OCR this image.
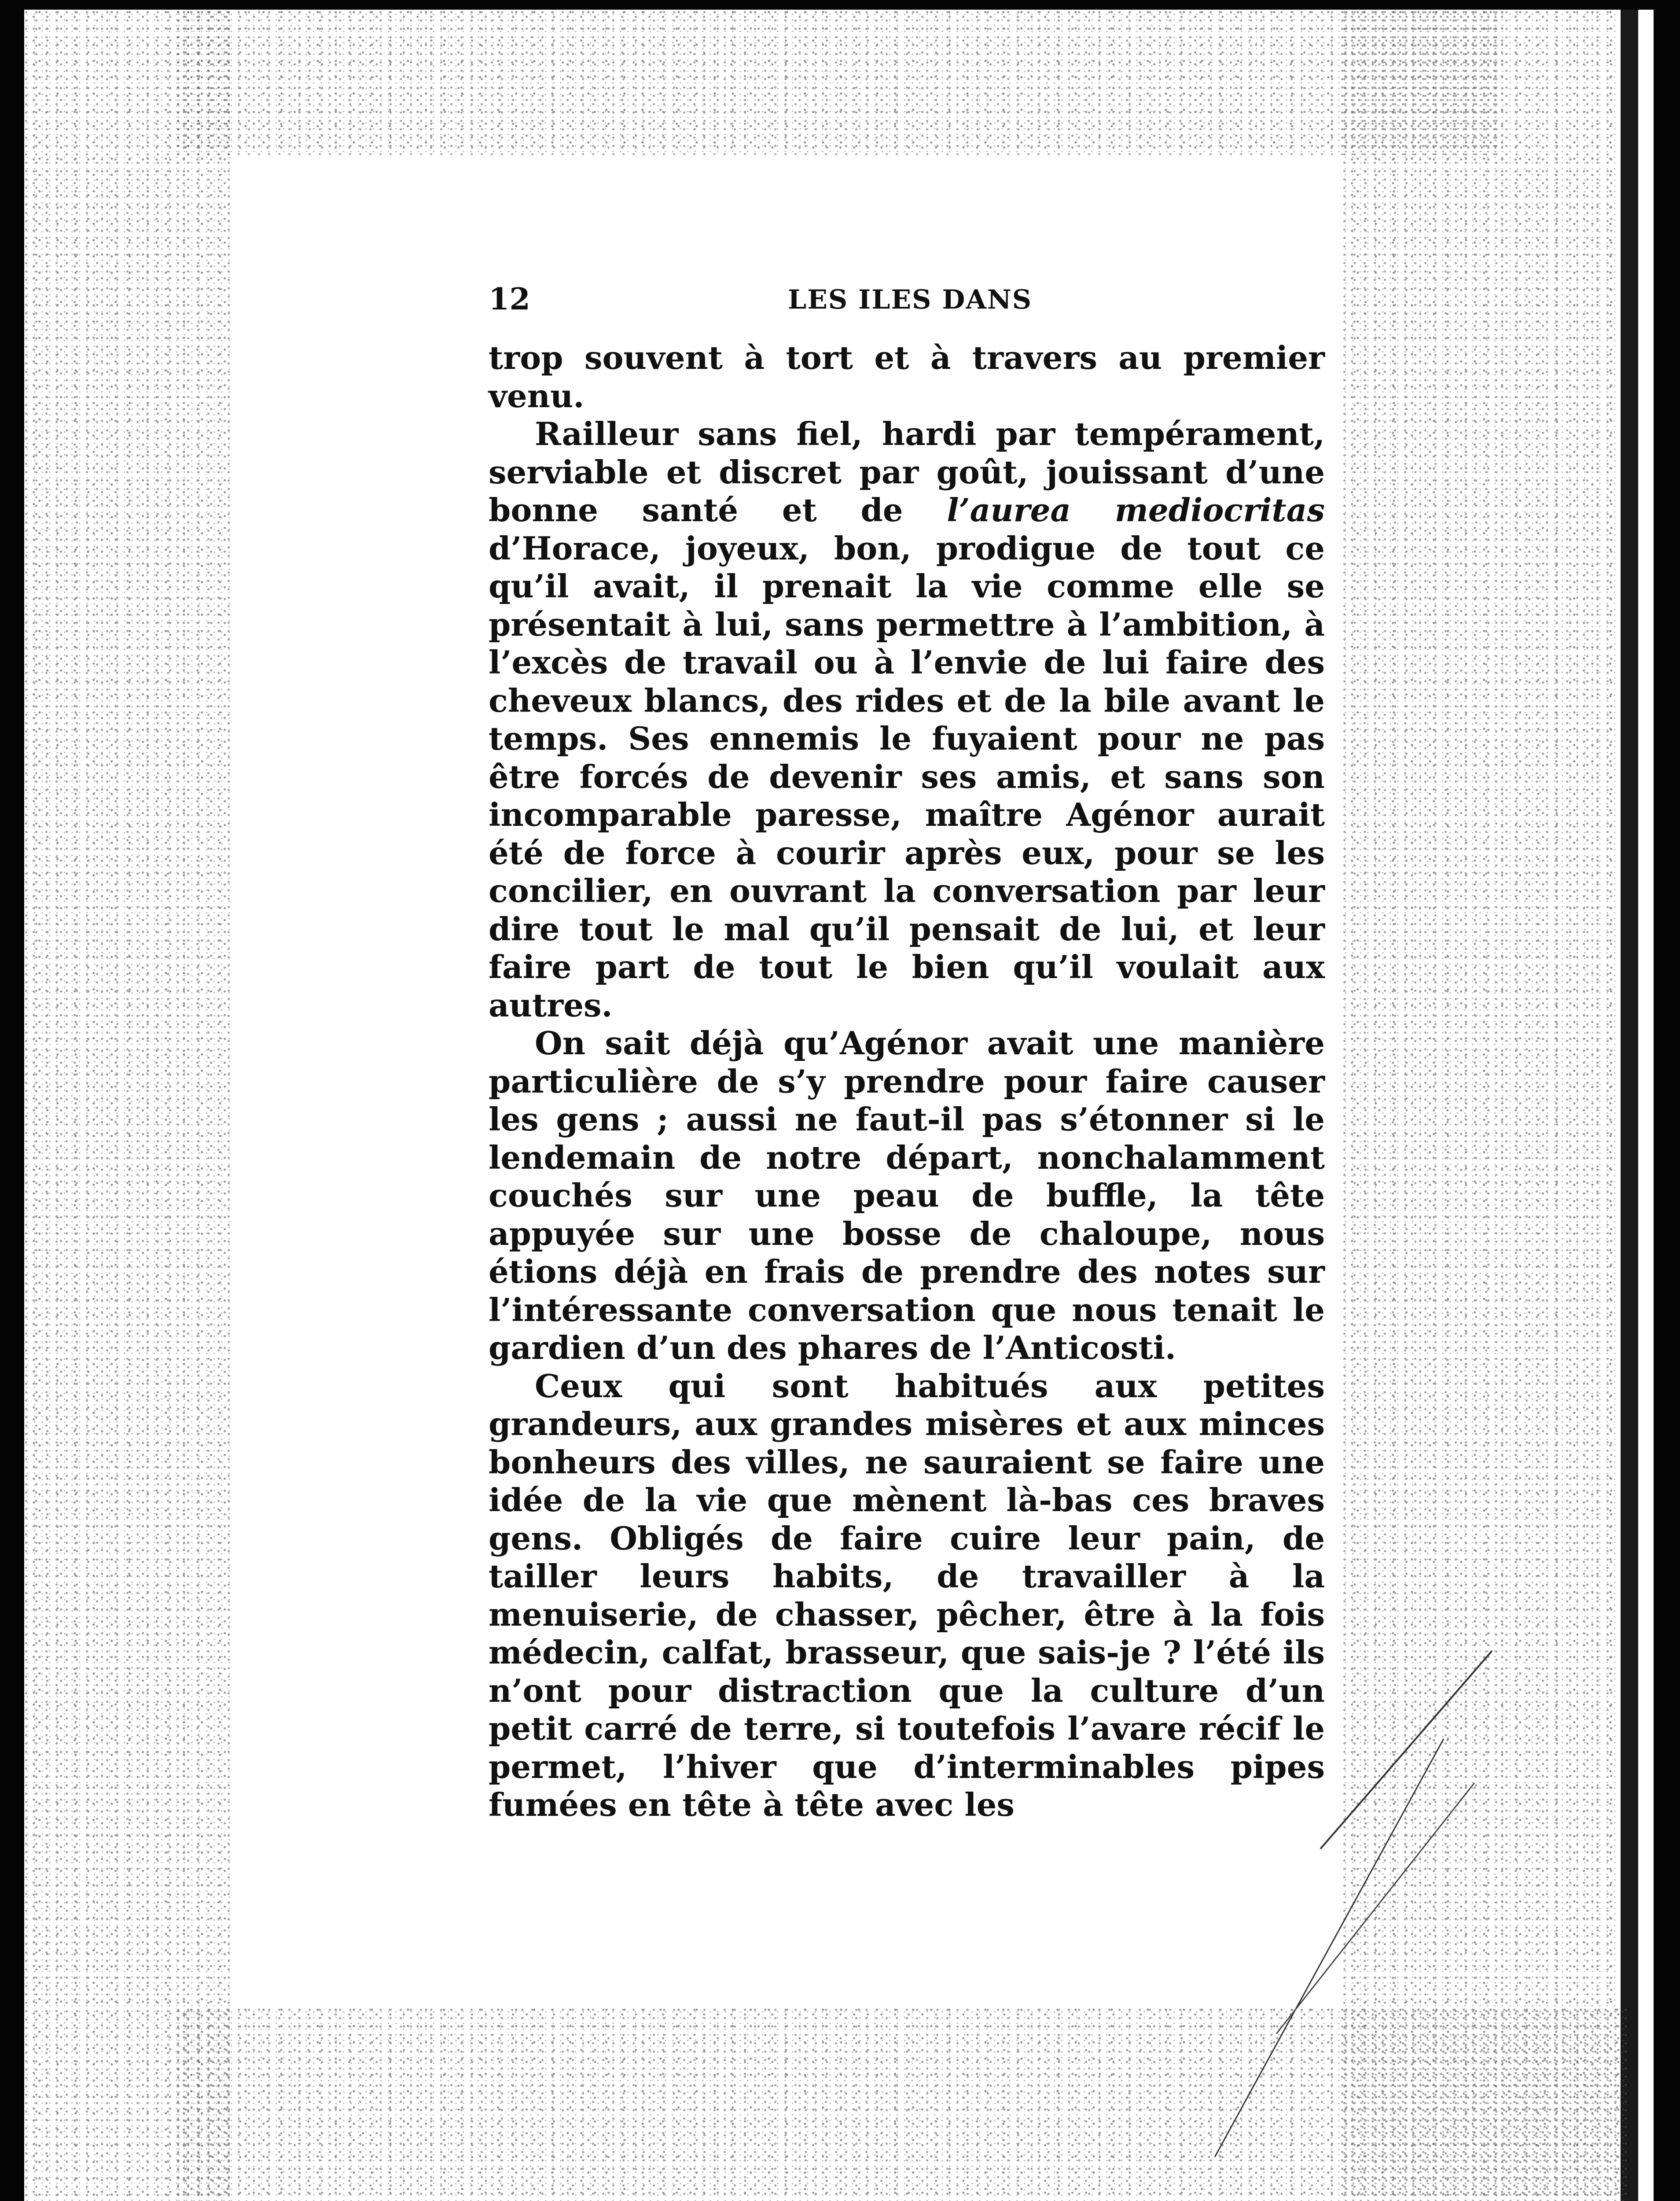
12	LES ILES DANS

trop souvent à tort et à travers au premier venu.

Railleur sans fiel, hardi par tempérament, serviable et discret par goût, jouissant d’une bonne santé et de l’aurea mediocritas d’Horace, joyeux, bon, prodigue de tout ce qu’il avait, il prenait la vie comme elle se présentait à lui, sans permettre à l’ambition, à l’excès de travail ou à l’envie de lui faire des cheveux blancs, des rides et de la bile avant le temps. Ses ennemis le fuyaient pour ne pas être forcés de devenir ses amis, et sans son incomparable paresse, maître Agénor aurait été de force à courir après eux, pour se les concilier, en ouvrant la conversation par leur dire tout le mal qu’il pensait de lui, et leur faire part de tout le bien qu’il voulait aux autres.

On sait déjà qu’Agénor avait une manière particulière de s’y prendre pour faire causer les gens ; aussi ne faut-il pas s’étonner si le lendemain de notre départ, nonchalamment couchés sur une peau de buffle, la tête appuyée sur une bosse de chaloupe, nous étions déjà en frais de prendre des notes sur l’intéressante conversation que nous tenait le gardien d’un des phares de l’Anticosti.

Ceux qui sont habitués aux petites grandeurs, aux grandes misères et aux minces bonheurs des villes, ne sauraient se faire une idée de la vie que mènent là-bas ces braves gens. Obligés de faire cuire leur pain, de tailler leurs habits, de travailler à la menuiserie, de chasser, pêcher, être à la fois médecin, calfat, brasseur, que sais-je ? l’été ils n’ont pour distraction que la culture d’un petit carré de terre, si toutefois l’avare récif le permet, l’hiver que d’interminables pipes fumées en tête à tête avec les
